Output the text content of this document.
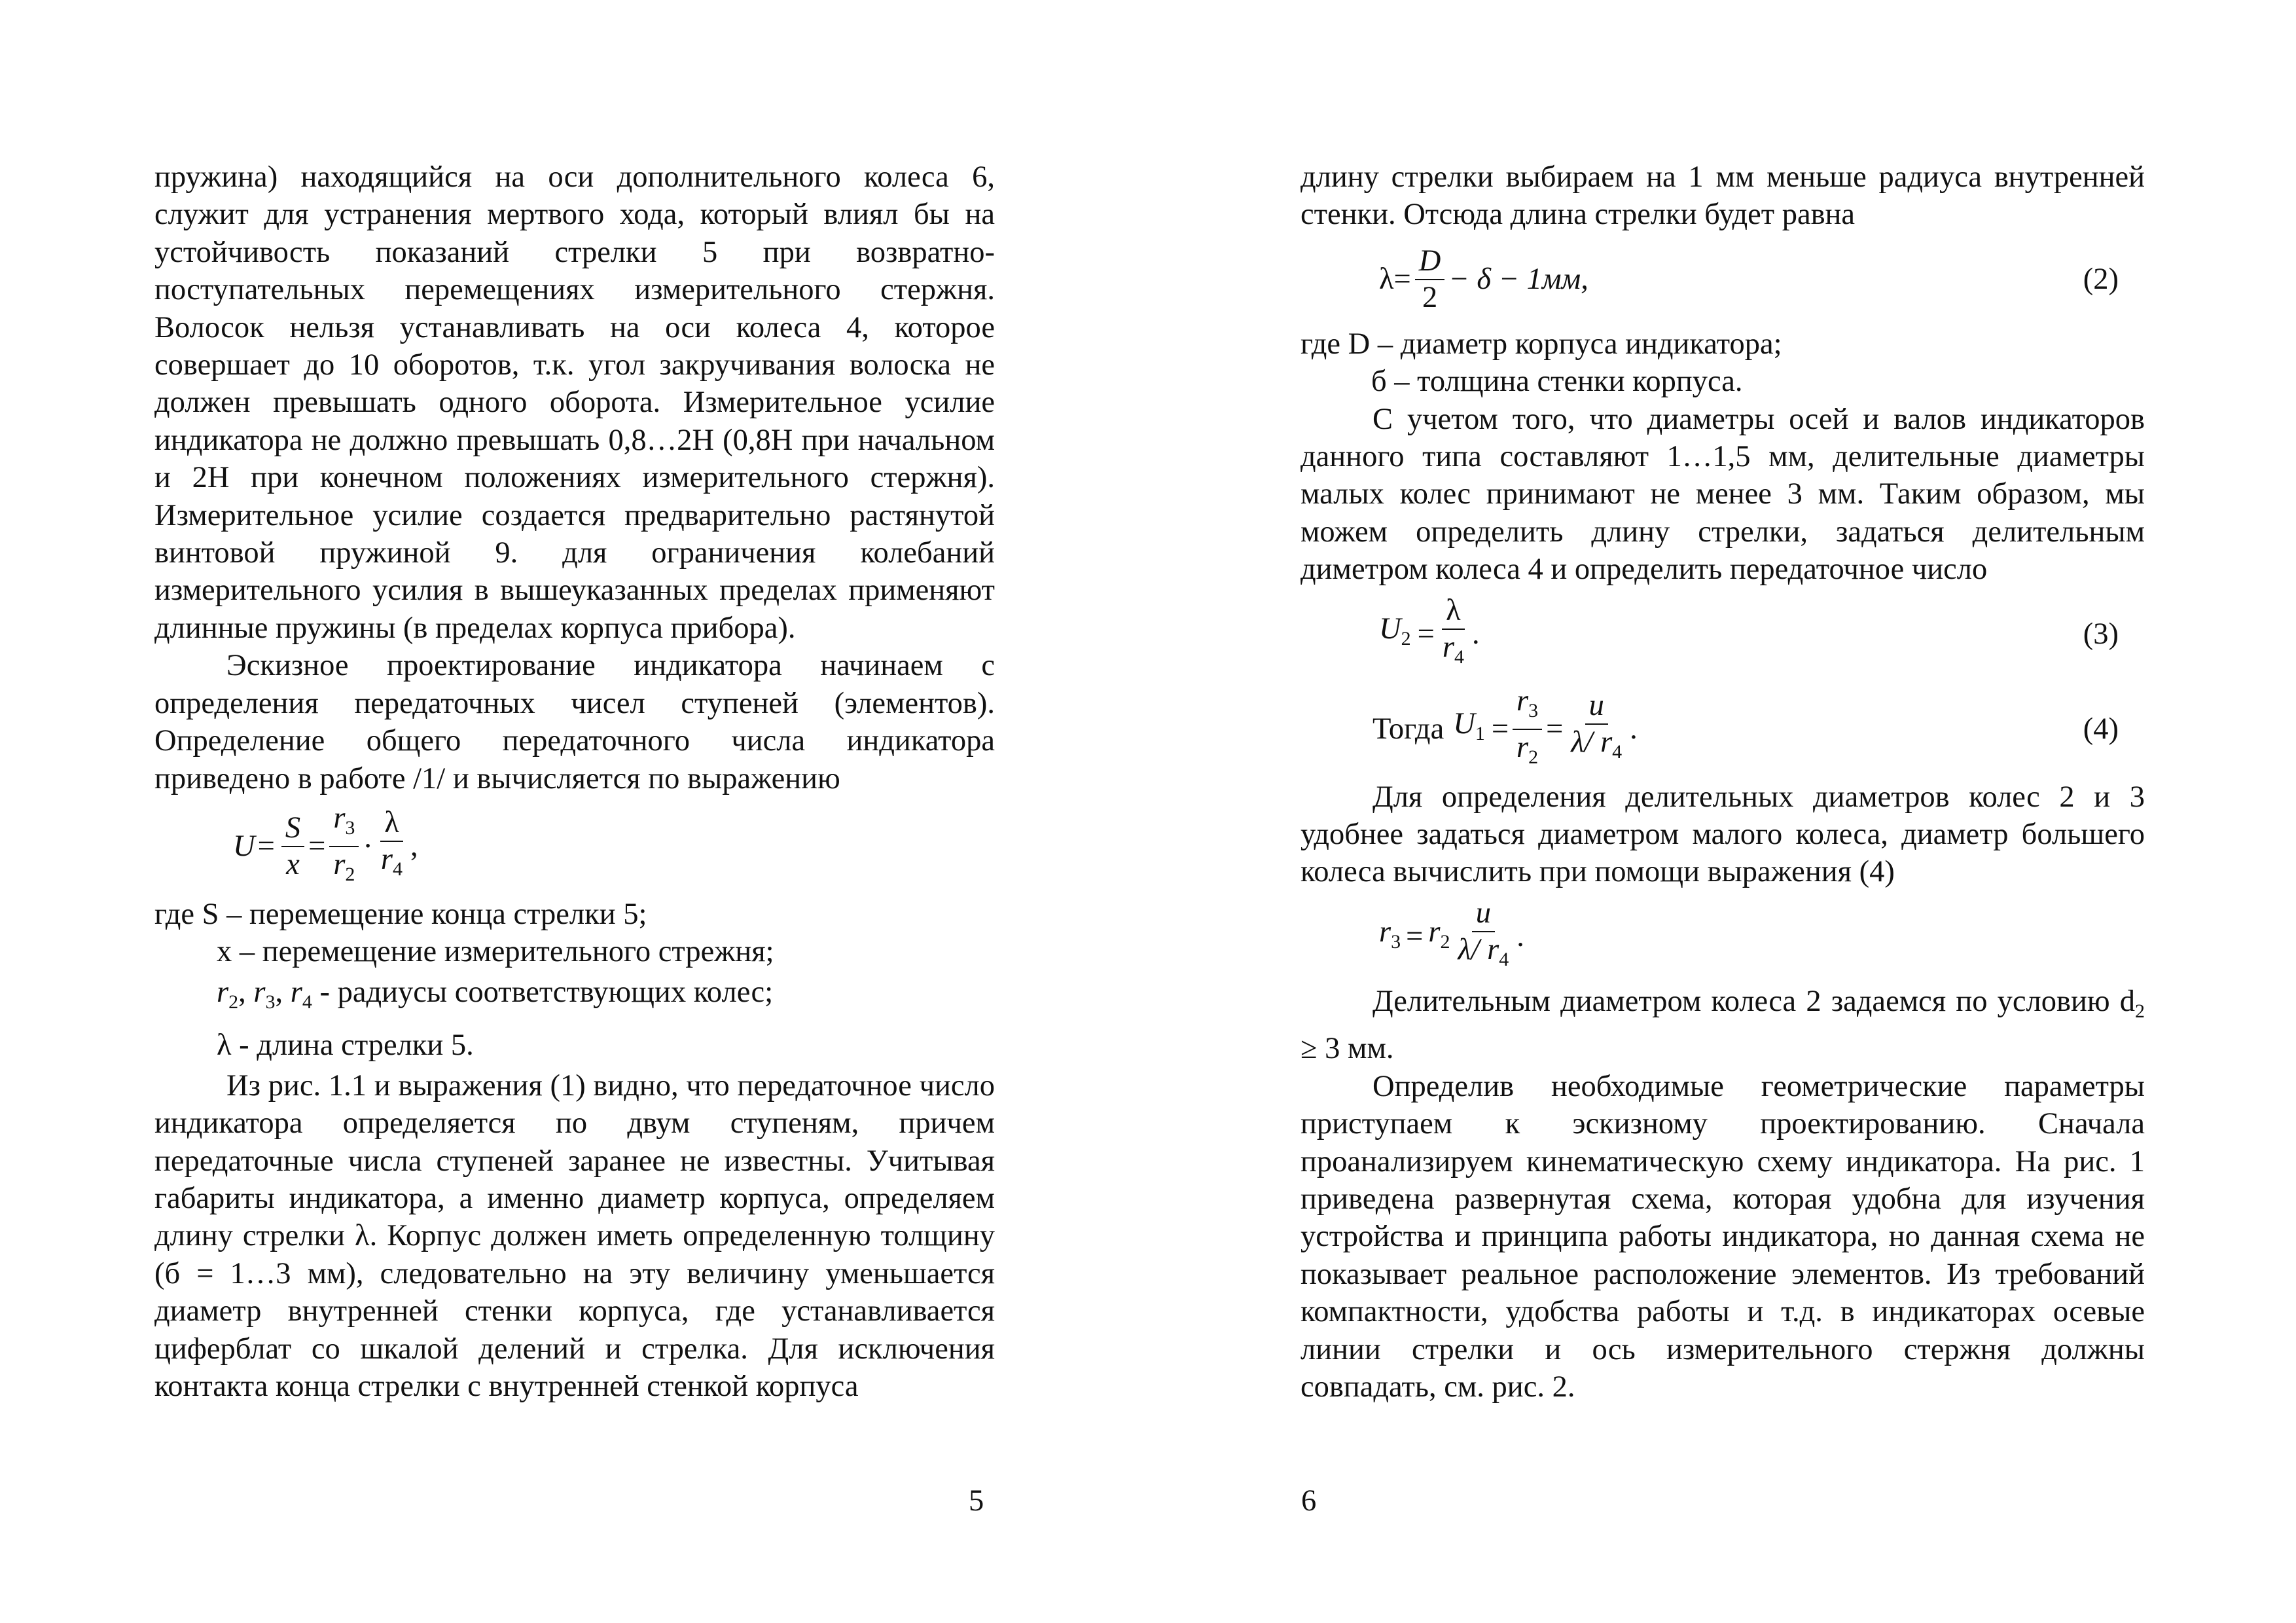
пружина) находящийся на оси дополнительного колеса 6, служит для устранения мертвого хода, который влиял бы на устойчивость показаний стрелки 5 при возвратно-поступательных перемещениях измерительного стержня. Волосок нельзя устанавливать на оси колеса 4, которое совершает до 10 оборотов, т.к. угол закручивания волоска не должен превышать одного оборота. Измерительное усилие индикатора не должно превышать 0,8…2Н (0,8Н при начальном и 2Н при конечном положениях измерительного стержня). Измерительное усилие создается предварительно растянутой винтовой пружиной 9. для ограничения колебаний измерительного усилия в вышеуказанных пределах применяют длинные пружины (в пределах корпуса прибора).

Эскизное проектирование индикатора начинаем с определения передаточных чисел ступеней (элементов). Определение общего передаточного числа индикатора приведено в работе /1/ и вычисляется по выражению

$U = \frac{S}{x} = \frac{r_3}{r_2} \cdot \frac{\lambda}{r_4}$ ,

где S – перемещение конца стрелки 5;

x – перемещение измерительного стрежня;

$r_2$, $r_3$, $r_4$ - радиусы соответствующих колес;

λ - длина стрелки 5.

Из рис. 1.1 и выражения (1) видно, что передаточное число индикатора определяется по двум ступеням, причем передаточные числа ступеней заранее не известны. Учитывая габариты индикатора, а именно диаметр корпуса, определяем длину стрелки λ. Корпус должен иметь определенную толщину (б = 1…3 мм), следовательно на эту величину уменьшается диаметр внутренней стенки корпуса, где устанавливается циферблат со шкалой делений и стрелка. Для исключения контакта конца стрелки с внутренней стенкой корпуса

5

длину стрелки выбираем на 1 мм меньше радиуса внутренней стенки. Отсюда длина стрелки будет равна

$\lambda = \frac{D}{2} - \delta - 1мм$,	(2)

где D – диаметр корпуса индикатора;

б – толщина стенки корпуса.

С учетом того, что диаметры осей и валов индикаторов данного типа составляют 1…1,5 мм, делительные диаметры малых колес принимают не менее 3 мм. Таким образом, мы можем определить длину стрелки, задаться делительным диметром колеса 4 и определить передаточное число

$U_2 = \frac{\lambda}{r_4}$ .	(3)
Тогда $U_1 = \frac{r_3}{r_2} = \frac{u}{\lambda/ r_4}$ .	(4)

Для определения делительных диаметров колес 2 и 3 удобнее задаться диаметром малого колеса, диаметр большего колеса вычислить при помощи выражения (4)

$r_3 = r_2 \frac{u}{\lambda/ r_4}$ .

Делительным диаметром колеса 2 задаемся по условию $d_2 \ge 3$ мм.

Определив необходимые геометрические параметры приступаем к эскизному проектированию. Сначала проанализируем кинематическую схему индикатора. На рис. 1 приведена развернутая схема, которая удобна для изучения устройства и принципа работы индикатора, но данная схема не показывает реальное расположение элементов. Из требований компактности, удобства работы и т.д. в индикаторах осевые линии стрелки и ось измерительного стержня должны совпадать, см. рис. 2.

6
